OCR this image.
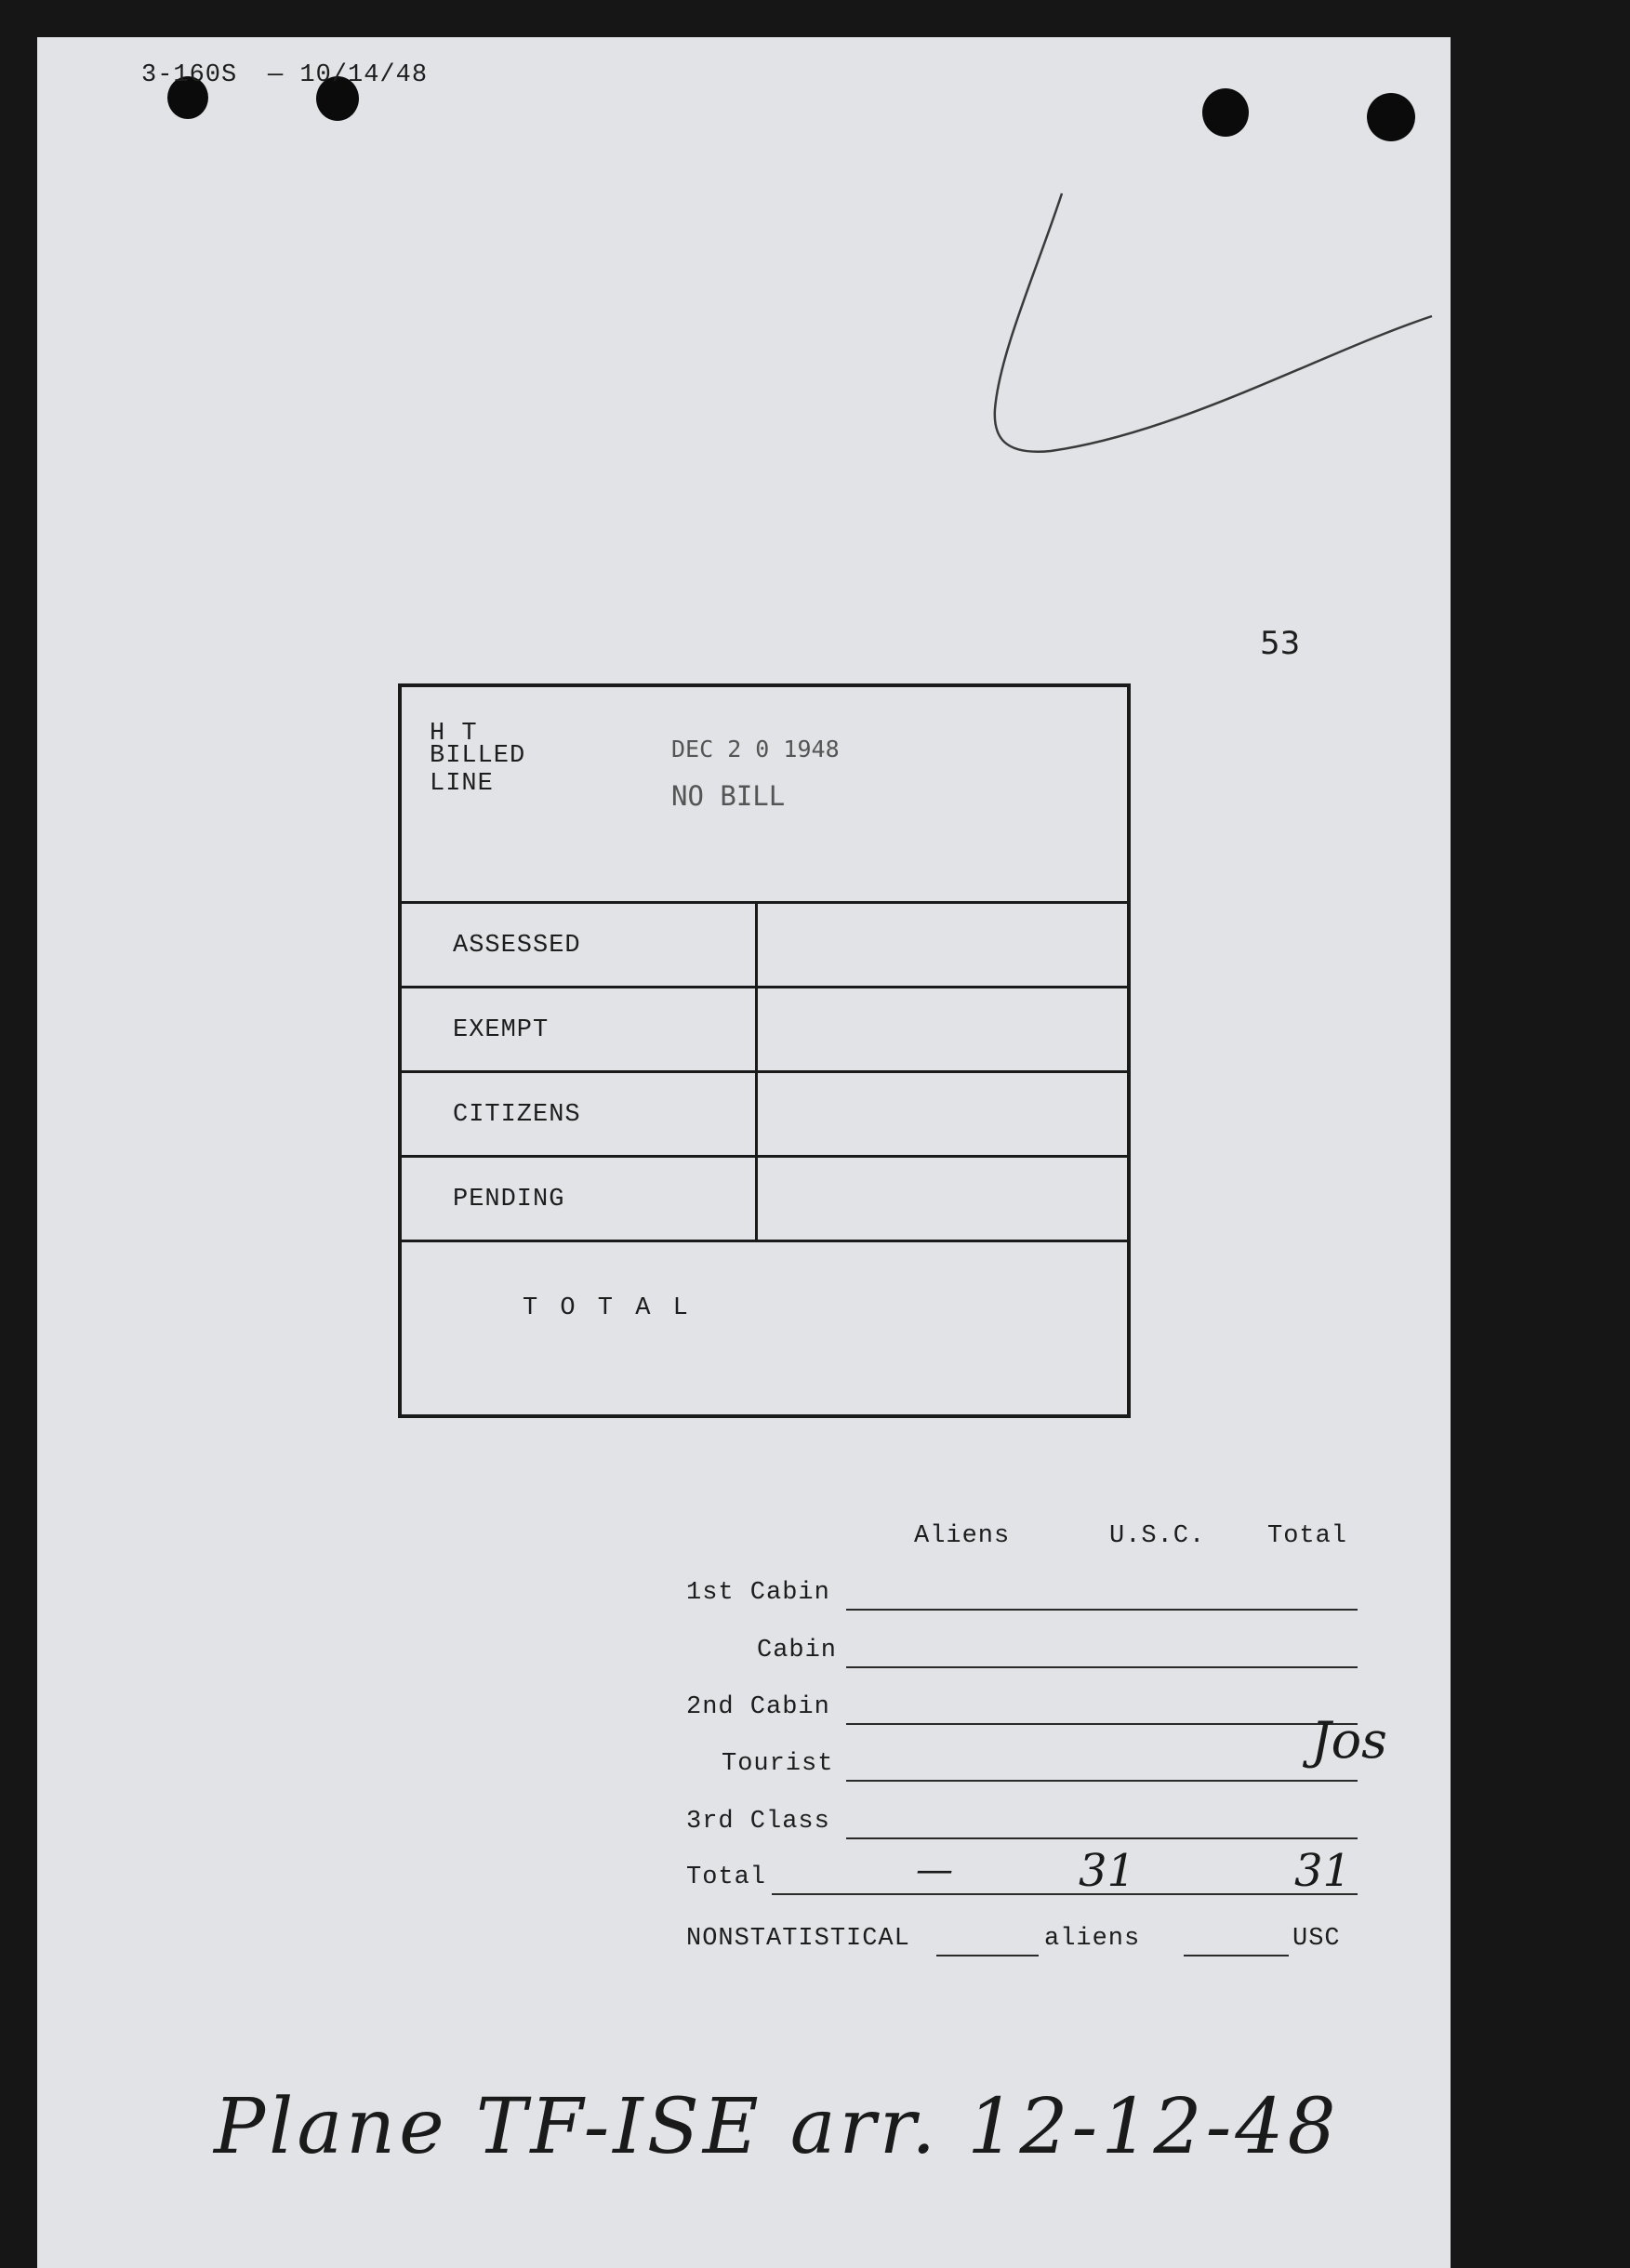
3-160S — 10/14/48
53
H T
BILLED
LINE
DEC 2 0 1948
NO BILL
ASSESSED
EXEMPT
CITIZENS
PENDING
T O T A L
Aliens	U.S.C. Total
1st Cabin
Cabin
2nd Cabin
Tourist
3rd Class
Total	—	31	31
NONSTATISTICAL	aliens	USC
Jos
Plane TF-ISE arr. 12-12-48
